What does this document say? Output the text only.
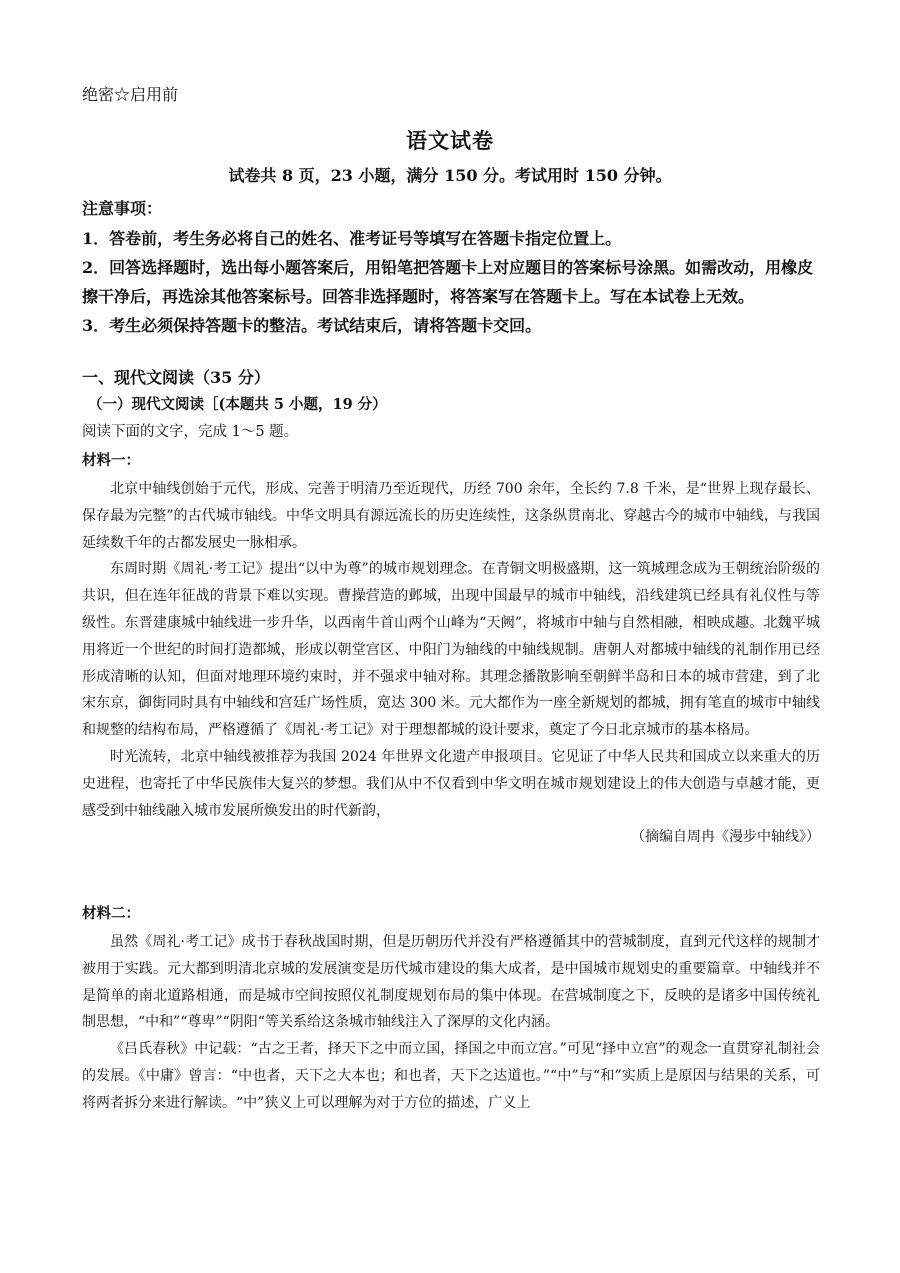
绝密☆启用前
语文试卷
试卷共 8 页，23 小题，满分 150 分。考试用时 150 分钟。
注意事项：

1．答卷前，考生务必将自己的姓名、准考证号等填写在答题卡指定位置上。

2．回答选择题时，选出每小题答案后，用铅笔把答题卡上对应题目的答案标号涂黑。如需改动，用橡皮擦干净后，再选涂其他答案标号。回答非选择题时，将答案写在答题卡上。写在本试卷上无效。

3．考生必须保持答题卡的整洁。考试结束后，请将答题卡交回。

一、现代文阅读（35 分）
（一）现代文阅读［(本题共 5 小题，19 分）
阅读下面的文字，完成 1～5 题。
材料一：

北京中轴线创始于元代，形成、完善于明清乃至近现代，历经 700 余年，全长约 7.8 千米，是“世界上现存最长、保存最为完整”的古代城市轴线。中华文明具有源远流长的历史连续性，这条纵贯南北、穿越古今的城市中轴线，与我国延续数千年的古都发展史一脉相承。

东周时期《周礼·考工记》提出“以中为尊”的城市规划理念。在青铜文明极盛期，这一筑城理念成为王朝统治阶级的共识，但在连年征战的背景下难以实现。曹操营造的邺城，出现中国最早的城市中轴线，沿线建筑已经具有礼仪性与等级性。东晋建康城中轴线进一步升华，以西南牛首山两个山峰为“天阙”，将城市中轴与自然相融，相映成趣。北魏平城用将近一个世纪的时间打造都城，形成以朝堂宫区、中阳门为轴线的中轴线规制。唐朝人对都城中轴线的礼制作用已经形成清晰的认知，但面对地理环境约束时，并不强求中轴对称。其理念播散影响至朝鲜半岛和日本的城市营建，到了北宋东京，御街同时具有中轴线和宫廷广场性质，宽达 300 米。元大都作为一座全新规划的都城，拥有笔直的城市中轴线和规整的结构布局，严格遵循了《周礼·考工记》对于理想都城的设计要求，奠定了今日北京城市的基本格局。

时光流转，北京中轴线被推荐为我国 2024 年世界文化遗产申报项目。它见证了中华人民共和国成立以来重大的历史进程，也寄托了中华民族伟大复兴的梦想。我们从中不仅看到中华文明在城市规划建设上的伟大创造与卓越才能，更感受到中轴线融入城市发展所焕发出的时代新韵，

（摘编自周冉《漫步中轴线》）

材料二：

虽然《周礼·考工记》成书于春秋战国时期，但是历朝历代并没有严格遵循其中的营城制度，直到元代这样的规制才被用于实践。元大都到明清北京城的发展演变是历代城市建设的集大成者，是中国城市规划史的重要篇章。中轴线并不是简单的南北道路相通，而是城市空间按照仪礼制度规划布局的集中体现。在营城制度之下，反映的是诸多中国传统礼制思想，“中和”“尊卑”“阴阳“等关系给这条城市轴线注入了深厚的文化内涵。

《吕氏春秋》中记载：“古之王者，择天下之中而立国，择国之中而立宫。”可见“择中立宫”的观念一直贯穿礼制社会的发展。《中庸》曾言：“中也者，天下之大本也；和也者，天下之达道也。”“中”与“和”实质上是原因与结果的关系，可将两者拆分来进行解读。“中”狭义上可以理解为对于方位的描述，广义上
